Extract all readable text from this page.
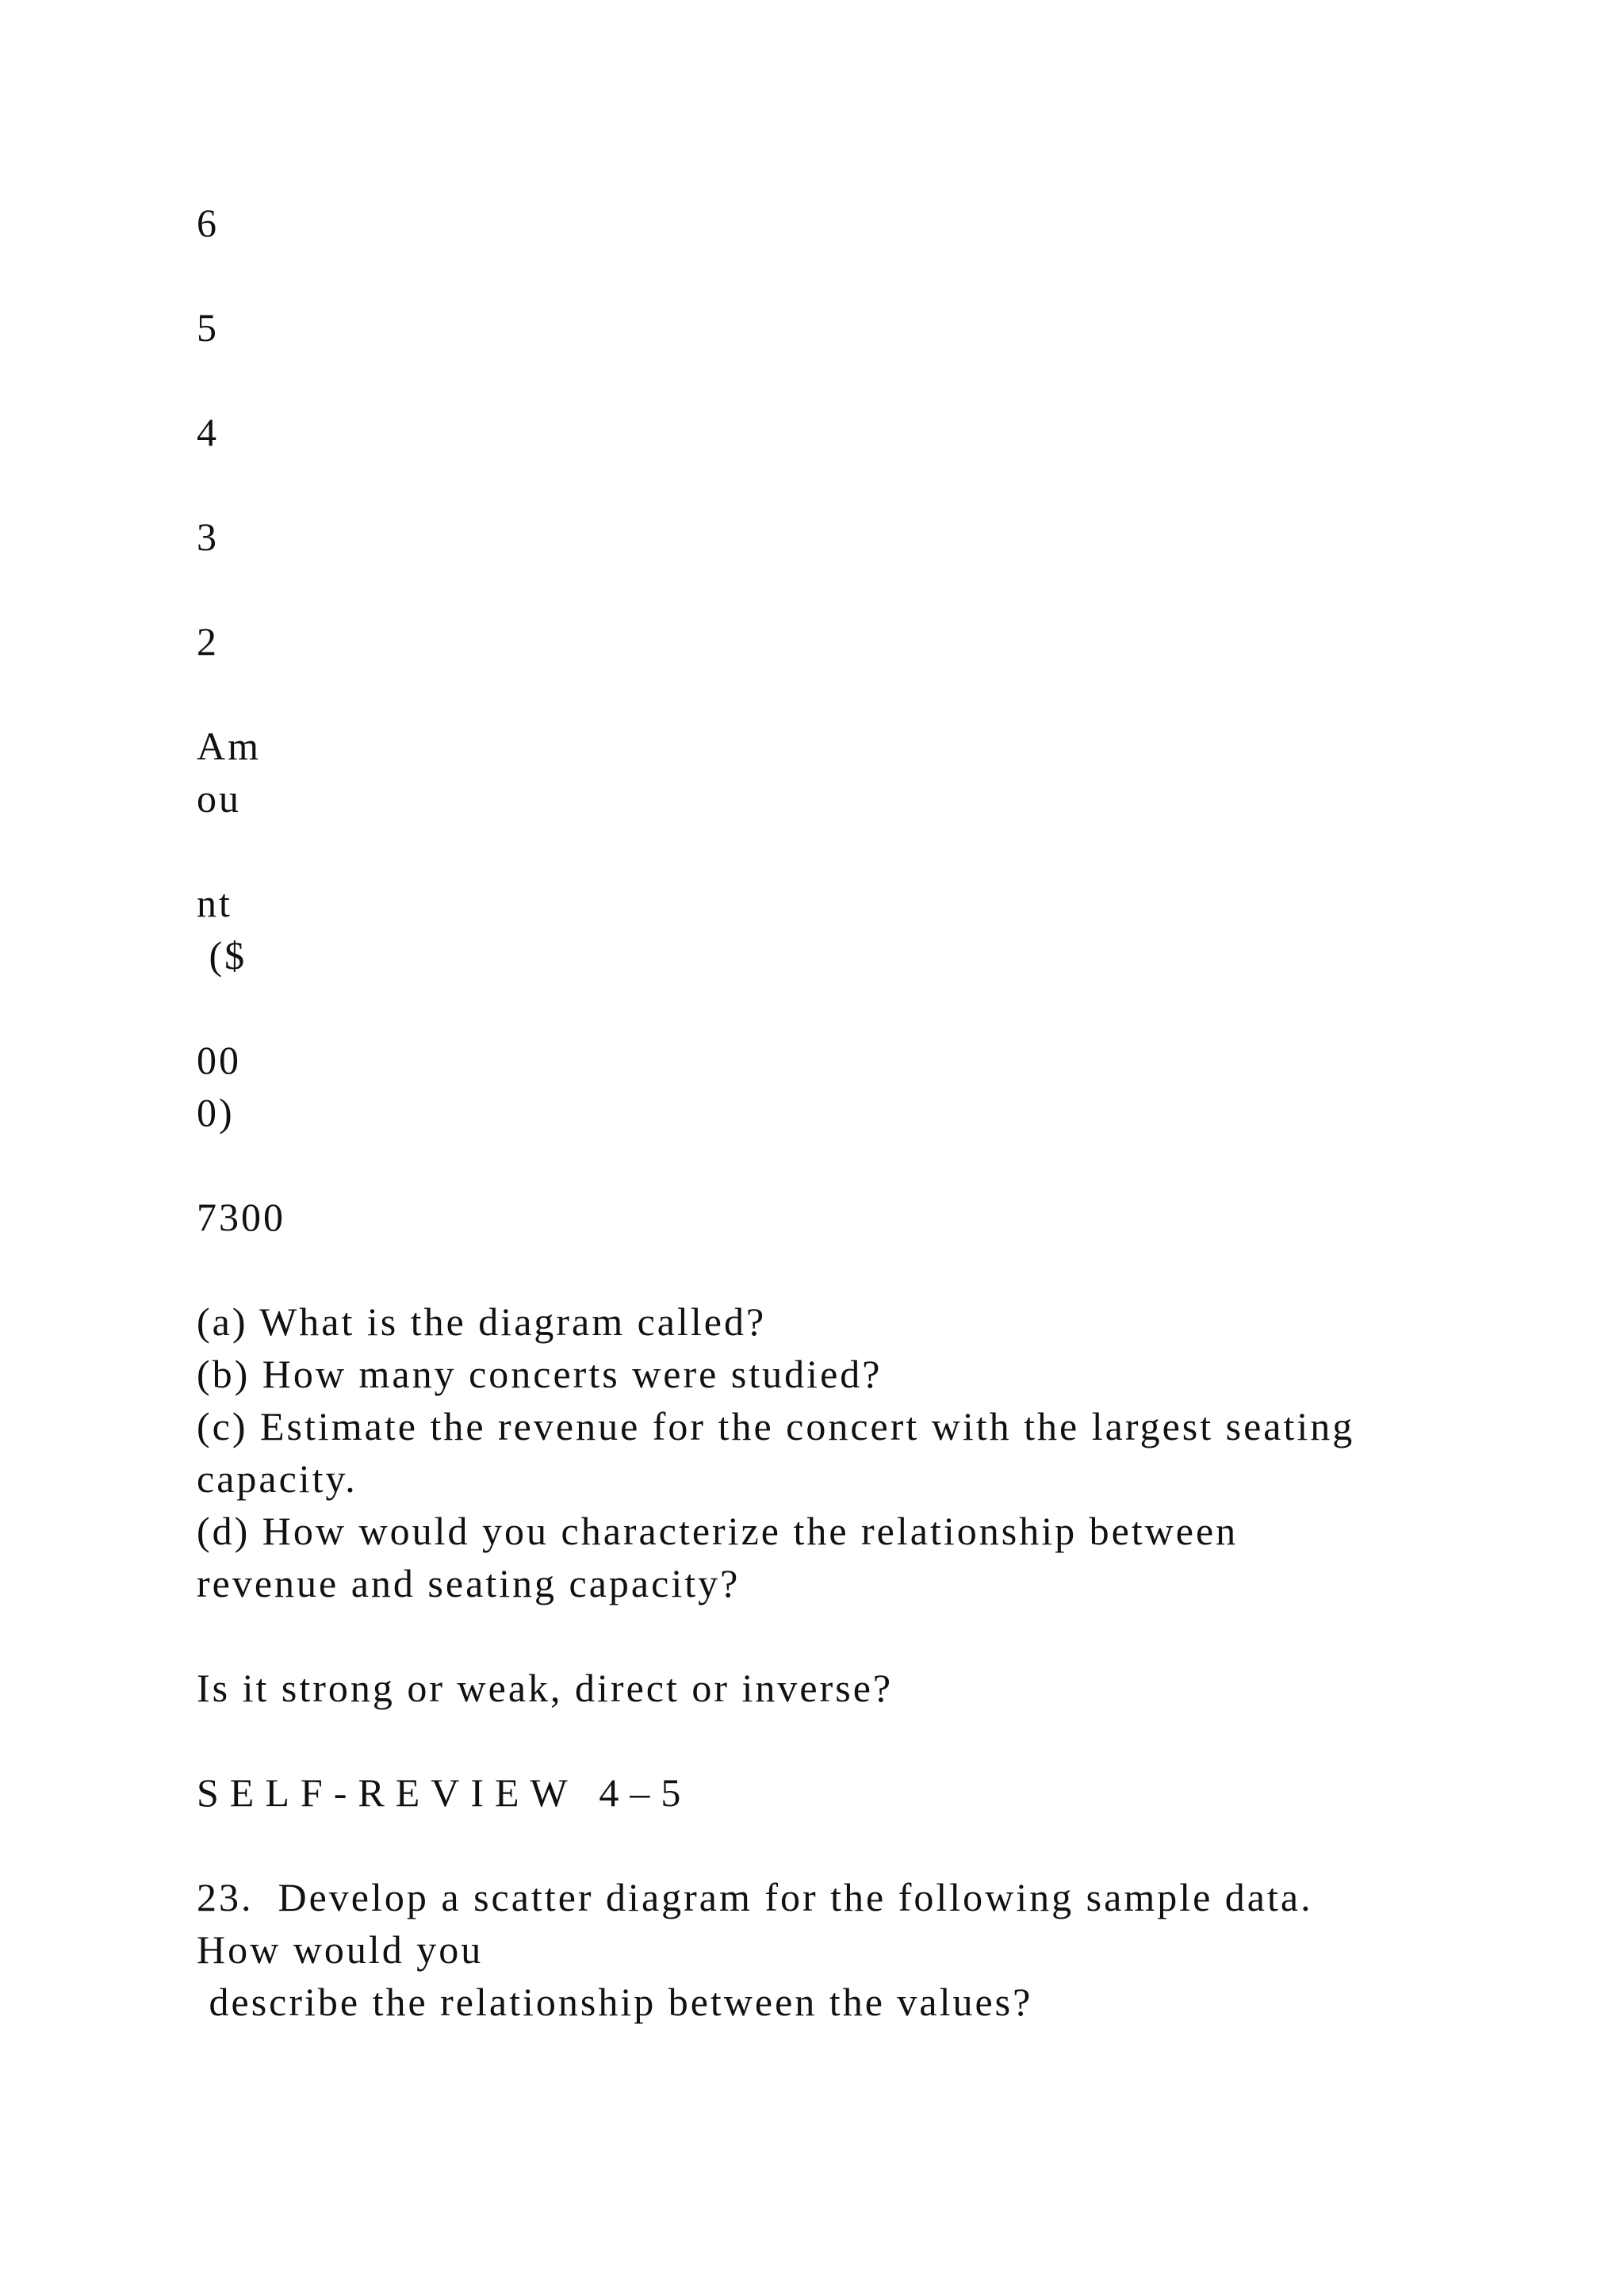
6

5

4

3

2

Am

ou

nt

($

00

0)

7300

(a) What is the diagram called?

(b) How many concerts were studied?

(c) Estimate the revenue for the concert with the largest seating

capacity.

(d) How would you characterize the relationship between

revenue and seating capacity?

Is it strong or weak, direct or inverse?

SELF-REVIEW 4–5

23.  Develop a scatter diagram for the following sample data.

How would you

describe the relationship between the values?
